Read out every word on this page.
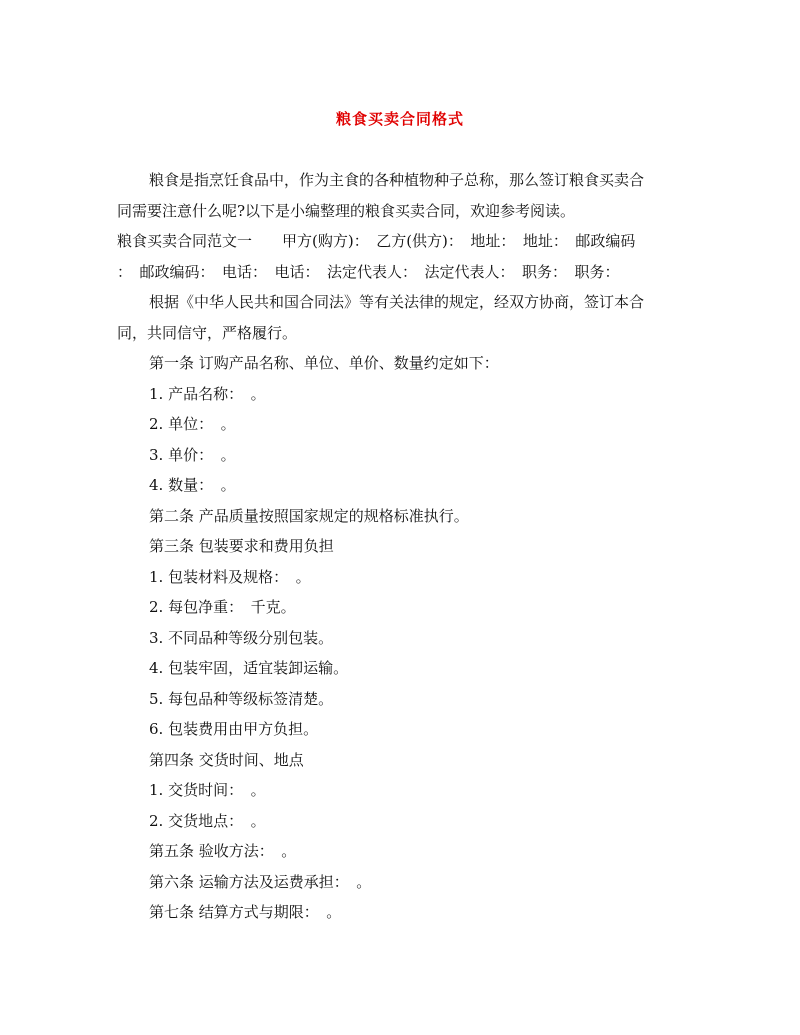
粮食买卖合同格式

粮食是指烹饪食品中，作为主食的各种植物种子总称，那么签订粮食买卖合

同需要注意什么呢?以下是小编整理的粮食买卖合同，欢迎参考阅读。

粮食买卖合同范文一　　甲方(购方)：　乙方(供方)：　地址：　地址：　邮政编码

：　邮政编码：　电话：　电话：　法定代表人：　法定代表人：　职务：　职务：

根据《中华人民共和国合同法》等有关法律的规定，经双方协商，签订本合

同，共同信守，严格履行。

第一条 订购产品名称、单位、单价、数量约定如下：

1. 产品名称：　。

2. 单位：　。

3. 单价：　。

4. 数量：　。

第二条 产品质量按照国家规定的规格标准执行。

第三条 包装要求和费用负担

1. 包装材料及规格：　。

2. 每包净重：　千克。

3. 不同品种等级分别包装。

4. 包装牢固，适宜装卸运输。

5. 每包品种等级标签清楚。

6. 包装费用由甲方负担。

第四条 交货时间、地点

1. 交货时间：　。

2. 交货地点：　。

第五条 验收方法：　。

第六条 运输方法及运费承担：　。

第七条 结算方式与期限：　。
